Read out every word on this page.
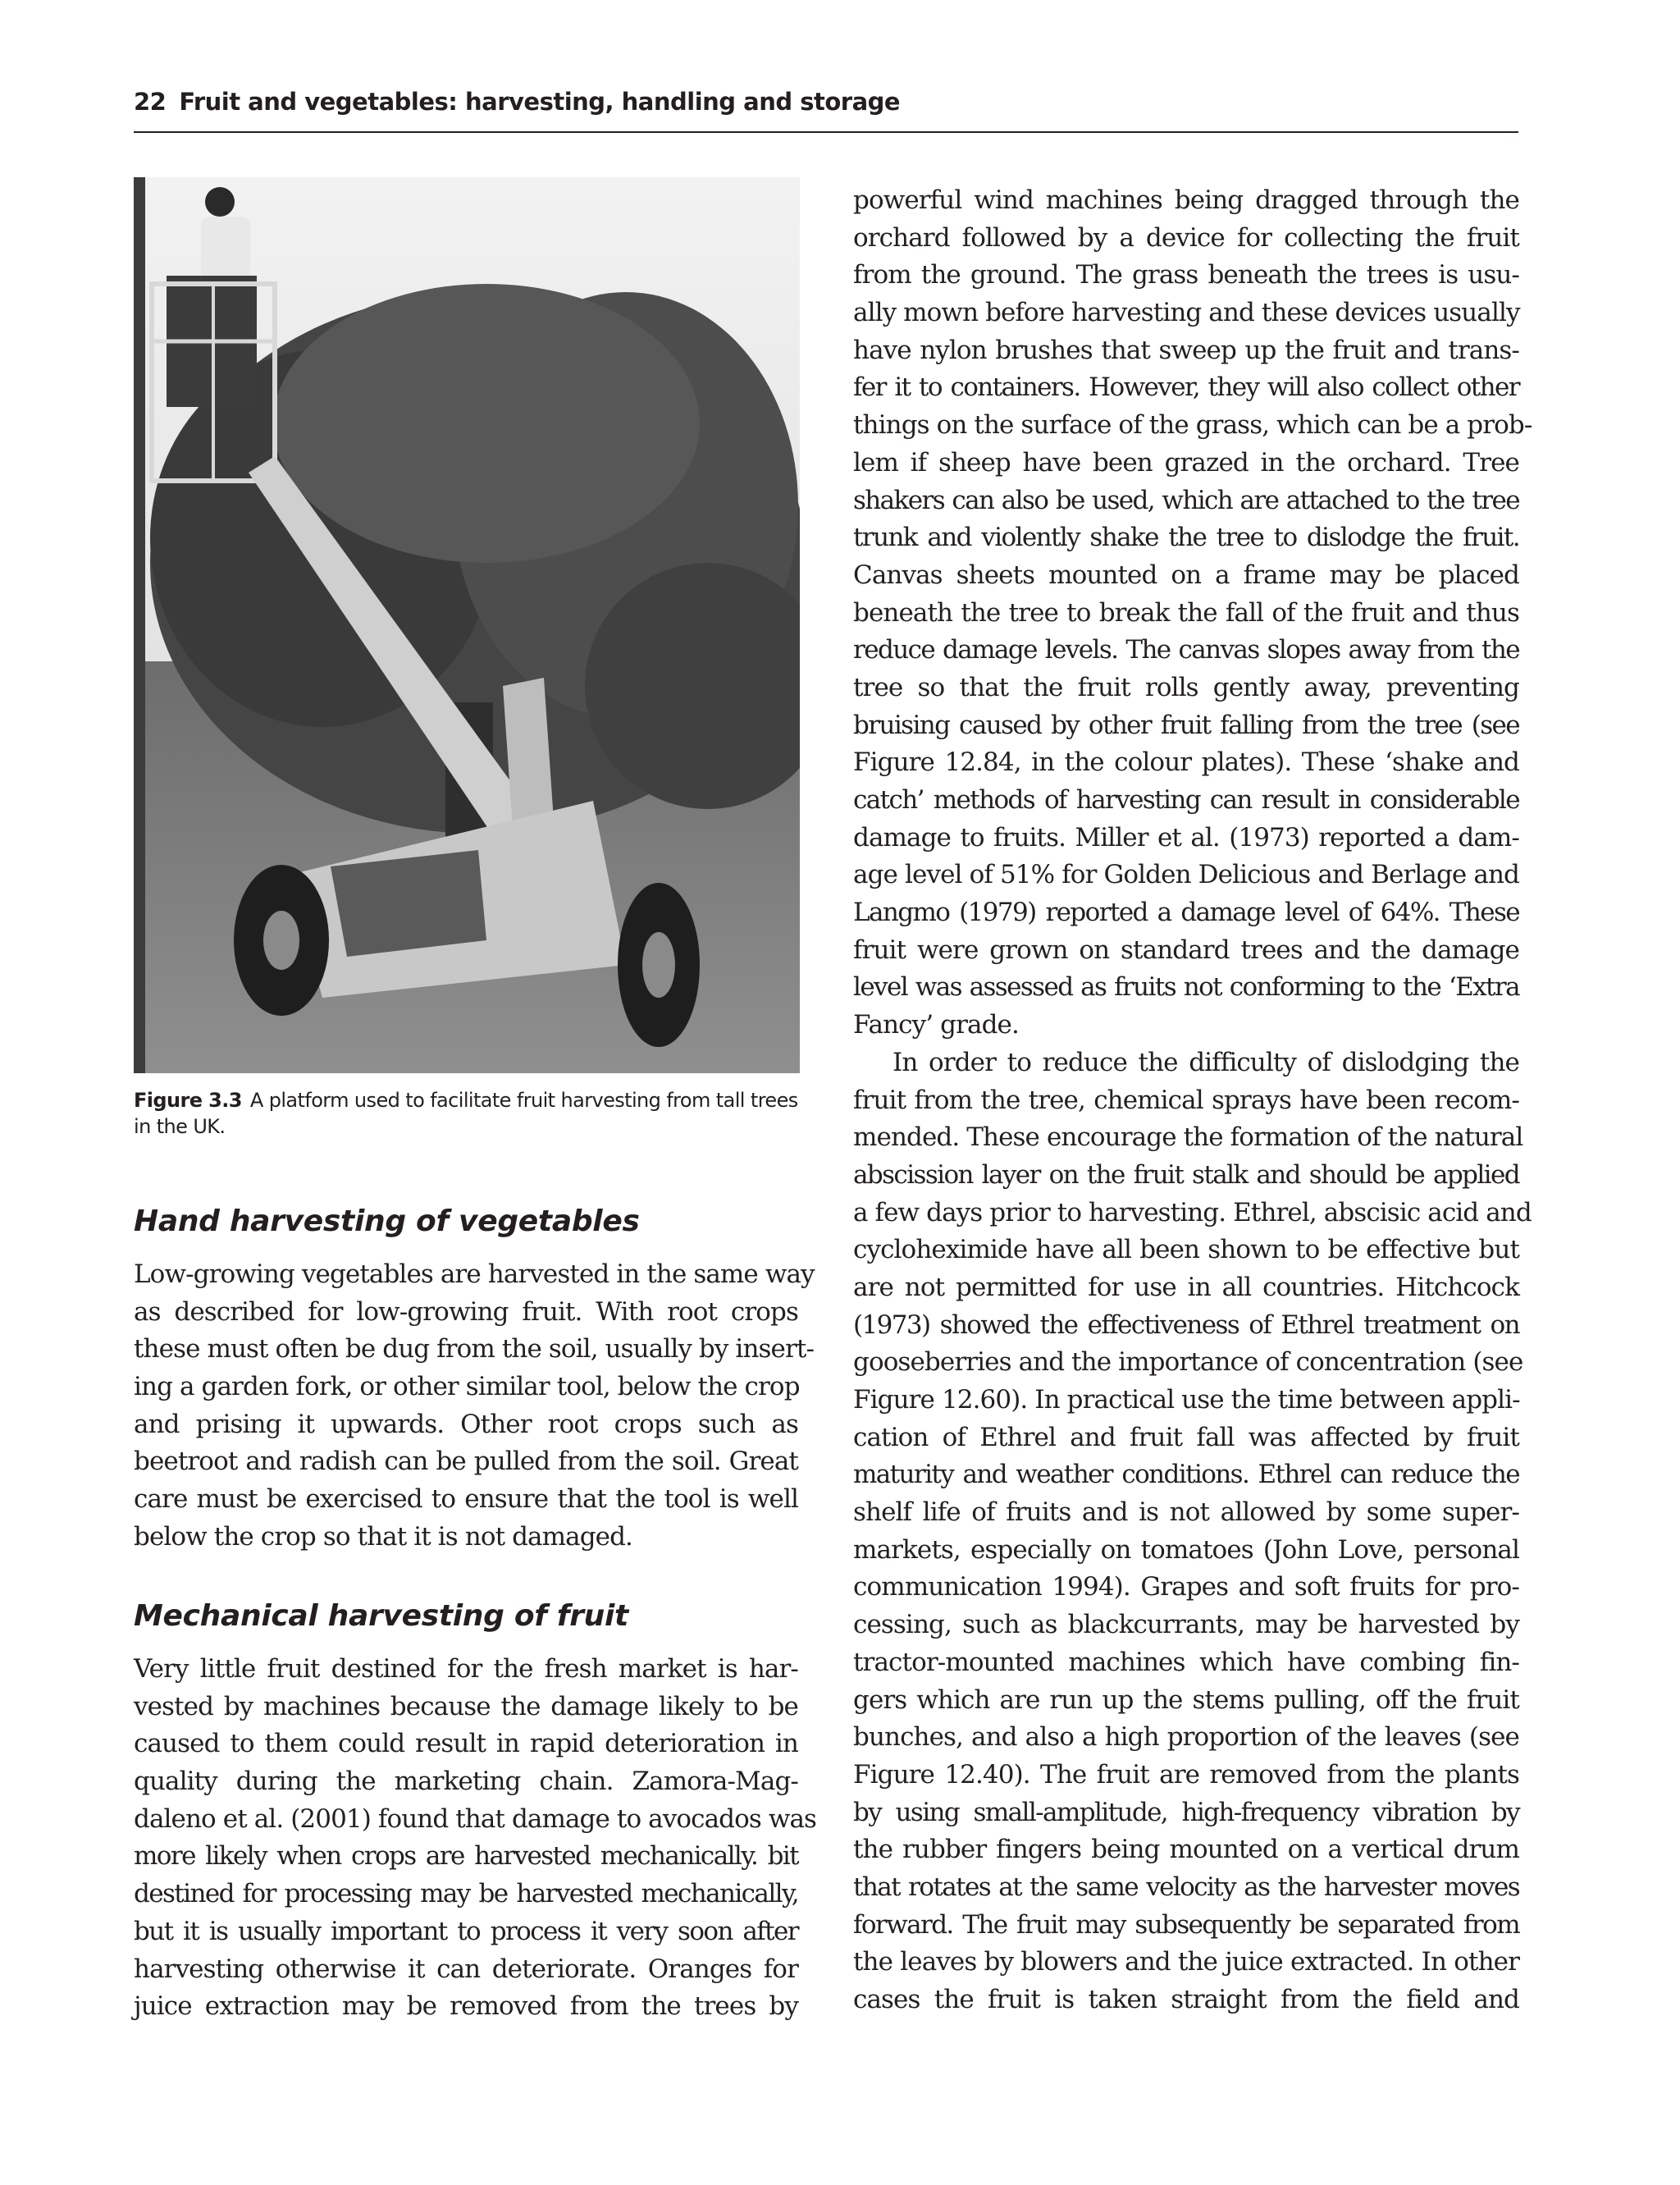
22 Fruit and vegetables: harvesting, handling and storage
Figure 3.3 A platform used to facilitate fruit harvesting from tall trees in the UK.
Hand harvesting of vegetables
Low-growing vegetables are harvested in the same way
as described for low-growing fruit. With root crops
these must often be dug from the soil, usually by insert-
ing a garden fork, or other similar tool, below the crop
and prising it upwards. Other root crops such as
beetroot and radish can be pulled from the soil. Great
care must be exercised to ensure that the tool is well
below the crop so that it is not damaged.
Mechanical harvesting of fruit
Very little fruit destined for the fresh market is har-
vested by machines because the damage likely to be
caused to them could result in rapid deterioration in
quality during the marketing chain. Zamora-Mag-
daleno et al. (2001) found that damage to avocados was
more likely when crops are harvested mechanically. bit
destined for processing may be harvested mechanically,
but it is usually important to process it very soon after
harvesting otherwise it can deteriorate. Oranges for
juice extraction may be removed from the trees by
powerful wind machines being dragged through the
orchard followed by a device for collecting the fruit
from the ground. The grass beneath the trees is usu-
ally mown before harvesting and these devices usually
have nylon brushes that sweep up the fruit and trans-
fer it to containers. However, they will also collect other
things on the surface of the grass, which can be a prob-
lem if sheep have been grazed in the orchard. Tree
shakers can also be used, which are attached to the tree
trunk and violently shake the tree to dislodge the fruit.
Canvas sheets mounted on a frame may be placed
beneath the tree to break the fall of the fruit and thus
reduce damage levels. The canvas slopes away from the
tree so that the fruit rolls gently away, preventing
bruising caused by other fruit falling from the tree (see
Figure 12.84, in the colour plates). These ‘shake and
catch’ methods of harvesting can result in considerable
damage to fruits. Miller et al. (1973) reported a dam-
age level of 51% for Golden Delicious and Berlage and
Langmo (1979) reported a damage level of 64%. These
fruit were grown on standard trees and the damage
level was assessed as fruits not conforming to the ‘Extra
Fancy’ grade.
In order to reduce the difficulty of dislodging the
fruit from the tree, chemical sprays have been recom-
mended. These encourage the formation of the natural
abscission layer on the fruit stalk and should be applied
a few days prior to harvesting. Ethrel, abscisic acid and
cycloheximide have all been shown to be effective but
are not permitted for use in all countries. Hitchcock
(1973) showed the effectiveness of Ethrel treatment on
gooseberries and the importance of concentration (see
Figure 12.60). In practical use the time between appli-
cation of Ethrel and fruit fall was affected by fruit
maturity and weather conditions. Ethrel can reduce the
shelf life of fruits and is not allowed by some super-
markets, especially on tomatoes (John Love, personal
communication 1994). Grapes and soft fruits for pro-
cessing, such as blackcurrants, may be harvested by
tractor-mounted machines which have combing fin-
gers which are run up the stems pulling, off the fruit
bunches, and also a high proportion of the leaves (see
Figure 12.40). The fruit are removed from the plants
by using small-amplitude, high-frequency vibration by
the rubber fingers being mounted on a vertical drum
that rotates at the same velocity as the harvester moves
forward. The fruit may subsequently be separated from
the leaves by blowers and the juice extracted. In other
cases the fruit is taken straight from the field and
